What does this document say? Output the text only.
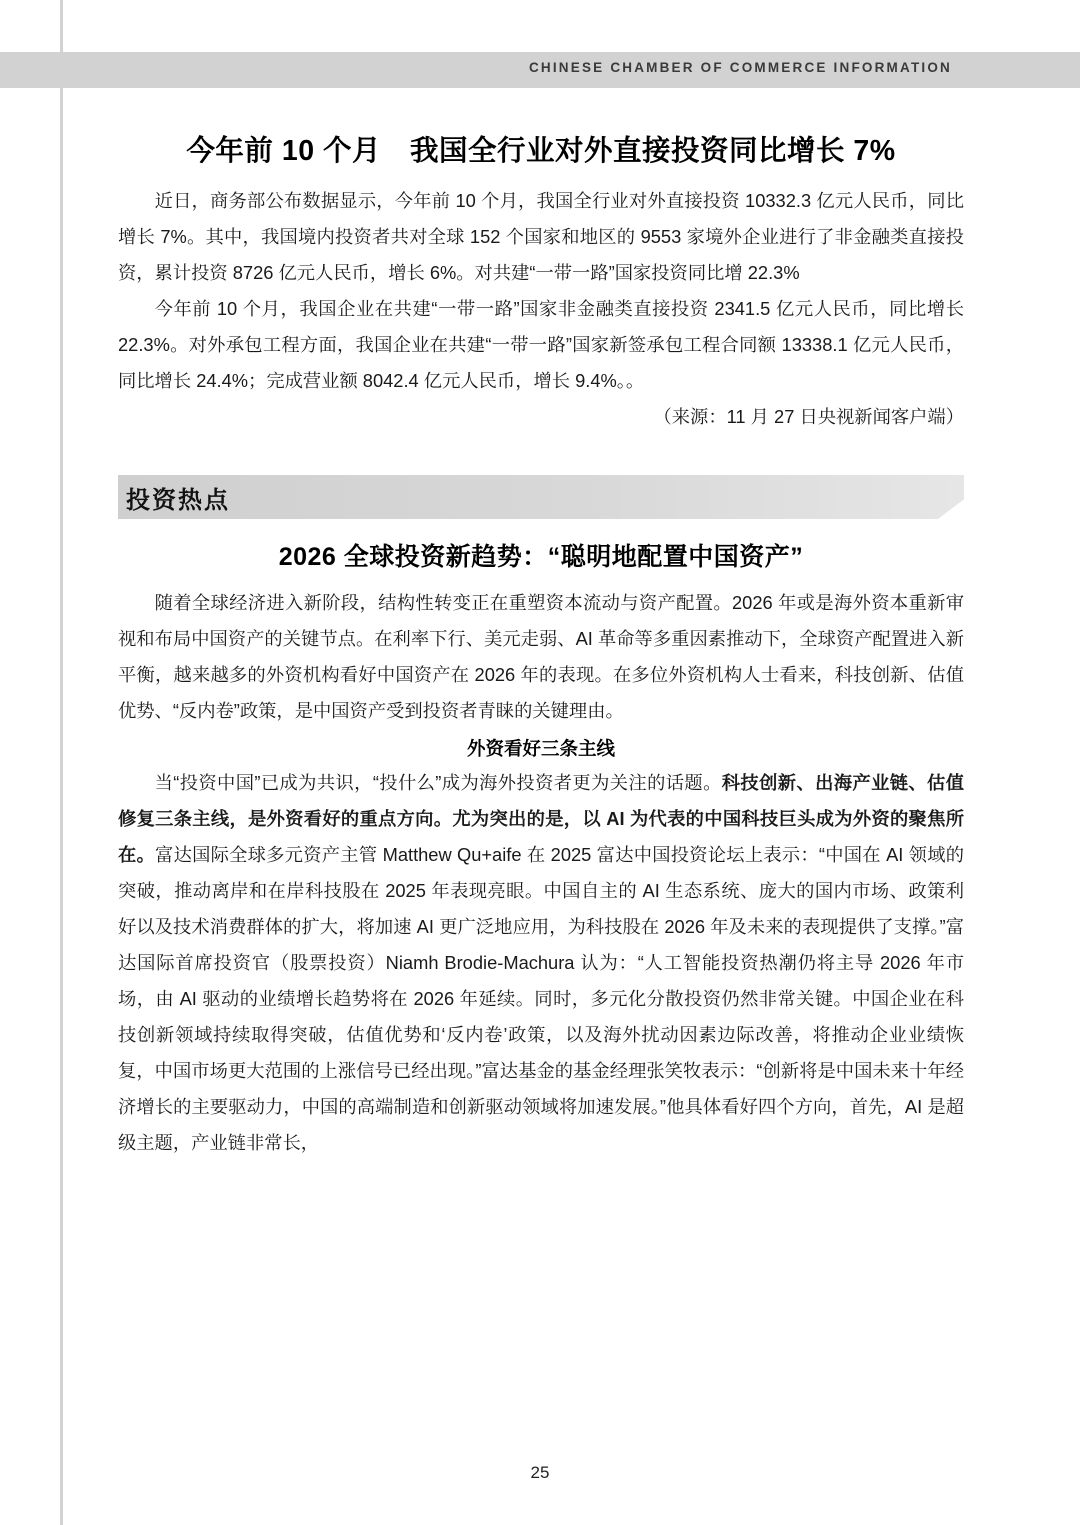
CHINESE CHAMBER OF COMMERCE INFORMATION
今年前 10 个月　我国全行业对外直接投资同比增长 7%

近日，商务部公布数据显示，今年前 10 个月，我国全行业对外直接投资 10332.3 亿元人民币，同比增长 7%。其中，我国境内投资者共对全球 152 个国家和地区的 9553 家境外企业进行了非金融类直接投资，累计投资 8726 亿元人民币，增长 6%。对共建“一带一路”国家投资同比增 22.3%

今年前 10 个月，我国企业在共建“一带一路”国家非金融类直接投资 2341.5 亿元人民币，同比增长 22.3%。对外承包工程方面，我国企业在共建“一带一路”国家新签承包工程合同额 13338.1 亿元人民币，同比增长 24.4%；完成营业额 8042.4 亿元人民币，增长 9.4%。。

（来源：11 月 27 日央视新闻客户端）

投资热点
2026 全球投资新趋势：“聪明地配置中国资产”

随着全球经济进入新阶段，结构性转变正在重塑资本流动与资产配置。2026 年或是海外资本重新审视和布局中国资产的关键节点。在利率下行、美元走弱、AI 革命等多重因素推动下，全球资产配置进入新平衡，越来越多的外资机构看好中国资产在 2026 年的表现。在多位外资机构人士看来，科技创新、估值优势、“反内卷”政策，是中国资产受到投资者青睐的关键理由。

外资看好三条主线

当“投资中国”已成为共识，“投什么”成为海外投资者更为关注的话题。科技创新、出海产业链、估值修复三条主线，是外资看好的重点方向。尤为突出的是，以 AI 为代表的中国科技巨头成为外资的聚焦所在。富达国际全球多元资产主管 Matthew Qu+aife 在 2025 富达中国投资论坛上表示：“中国在 AI 领域的突破，推动离岸和在岸科技股在 2025 年表现亮眼。中国自主的 AI 生态系统、庞大的国内市场、政策利好以及技术消费群体的扩大，将加速 AI 更广泛地应用，为科技股在 2026 年及未来的表现提供了支撑。”富达国际首席投资官（股票投资）Niamh Brodie-Machura 认为：“人工智能投资热潮仍将主导 2026 年市场，由 AI 驱动的业绩增长趋势将在 2026 年延续。同时，多元化分散投资仍然非常关键。中国企业在科技创新领域持续取得突破，估值优势和‘反内卷’政策，以及海外扰动因素边际改善，将推动企业业绩恢复，中国市场更大范围的上涨信号已经出现。”富达基金的基金经理张笑牧表示：“创新将是中国未来十年经济增长的主要驱动力，中国的高端制造和创新驱动领域将加速发展。”他具体看好四个方向，首先，AI 是超级主题，产业链非常长，

25
